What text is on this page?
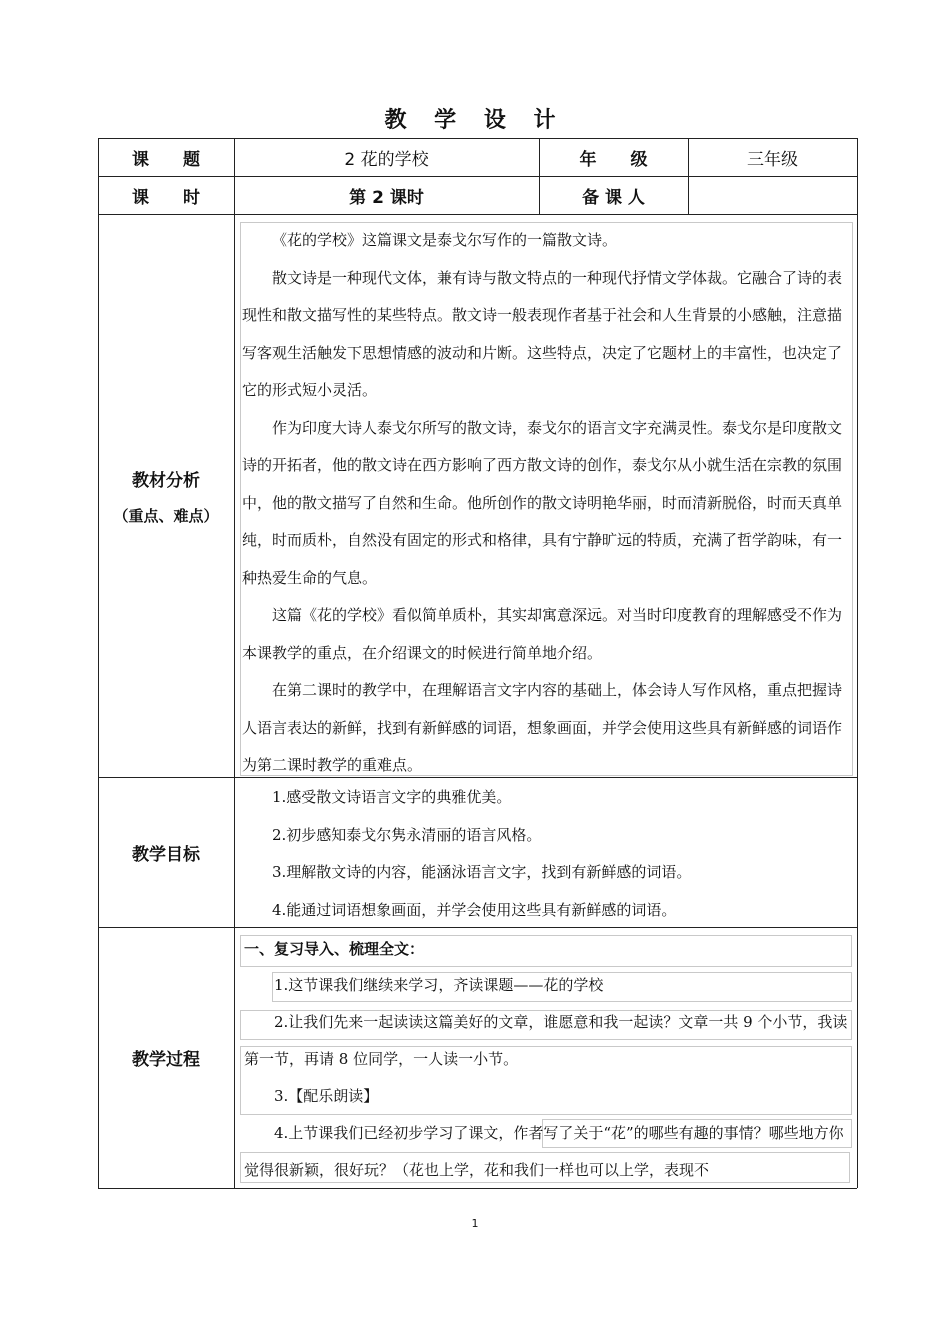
教 学 设 计
课　　题	2 花的学校	年　　级	三年级
课　　时	第 2 课时	备 课 人
教材分析
（重点、难点）

《花的学校》这篇课文是泰戈尔写作的一篇散文诗。

散文诗是一种现代文体，兼有诗与散文特点的一种现代抒情文学体裁。它融合了诗的表现性和散文描写性的某些特点。散文诗一般表现作者基于社会和人生背景的小感触，注意描写客观生活触发下思想情感的波动和片断。这些特点，决定了它题材上的丰富性，也决定了它的形式短小灵活。

作为印度大诗人泰戈尔所写的散文诗，泰戈尔的语言文字充满灵性。泰戈尔是印度散文诗的开拓者，他的散文诗在西方影响了西方散文诗的创作，泰戈尔从小就生活在宗教的氛围中，他的散文描写了自然和生命。他所创作的散文诗明艳华丽，时而清新脱俗，时而天真单纯，时而质朴，自然没有固定的形式和格律，具有宁静旷远的特质，充满了哲学韵味，有一种热爱生命的气息。

这篇《花的学校》看似简单质朴，其实却寓意深远。对当时印度教育的理解感受不作为本课教学的重点，在介绍课文的时候进行简单地介绍。

在第二课时的教学中，在理解语言文字内容的基础上，体会诗人写作风格，重点把握诗人语言表达的新鲜，找到有新鲜感的词语，想象画面，并学会使用这些具有新鲜感的词语作为第二课时教学的重难点。

教学目标

1.感受散文诗语言文字的典雅优美。

2.初步感知泰戈尔隽永清丽的语言风格。

3.理解散文诗的内容，能涵泳语言文字，找到有新鲜感的词语。

4.能通过词语想象画面，并学会使用这些具有新鲜感的词语。

教学过程
一、复习导入、梳理全文：
1.这节课我们继续来学习，齐读课题——花的学校
2.让我们先来一起读读这篇美好的文章，谁愿意和我一起读？文章一共 9 个小节，我读第一节，再请 8 位同学，一人读一小节。
3.【配乐朗读】
4.上节课我们已经初步学习了课文，作者写了关于“花”的哪些有趣的事情？哪些地方你觉得很新颖，很好玩？（花也上学，花和我们一样也可以上学，表现不
1
